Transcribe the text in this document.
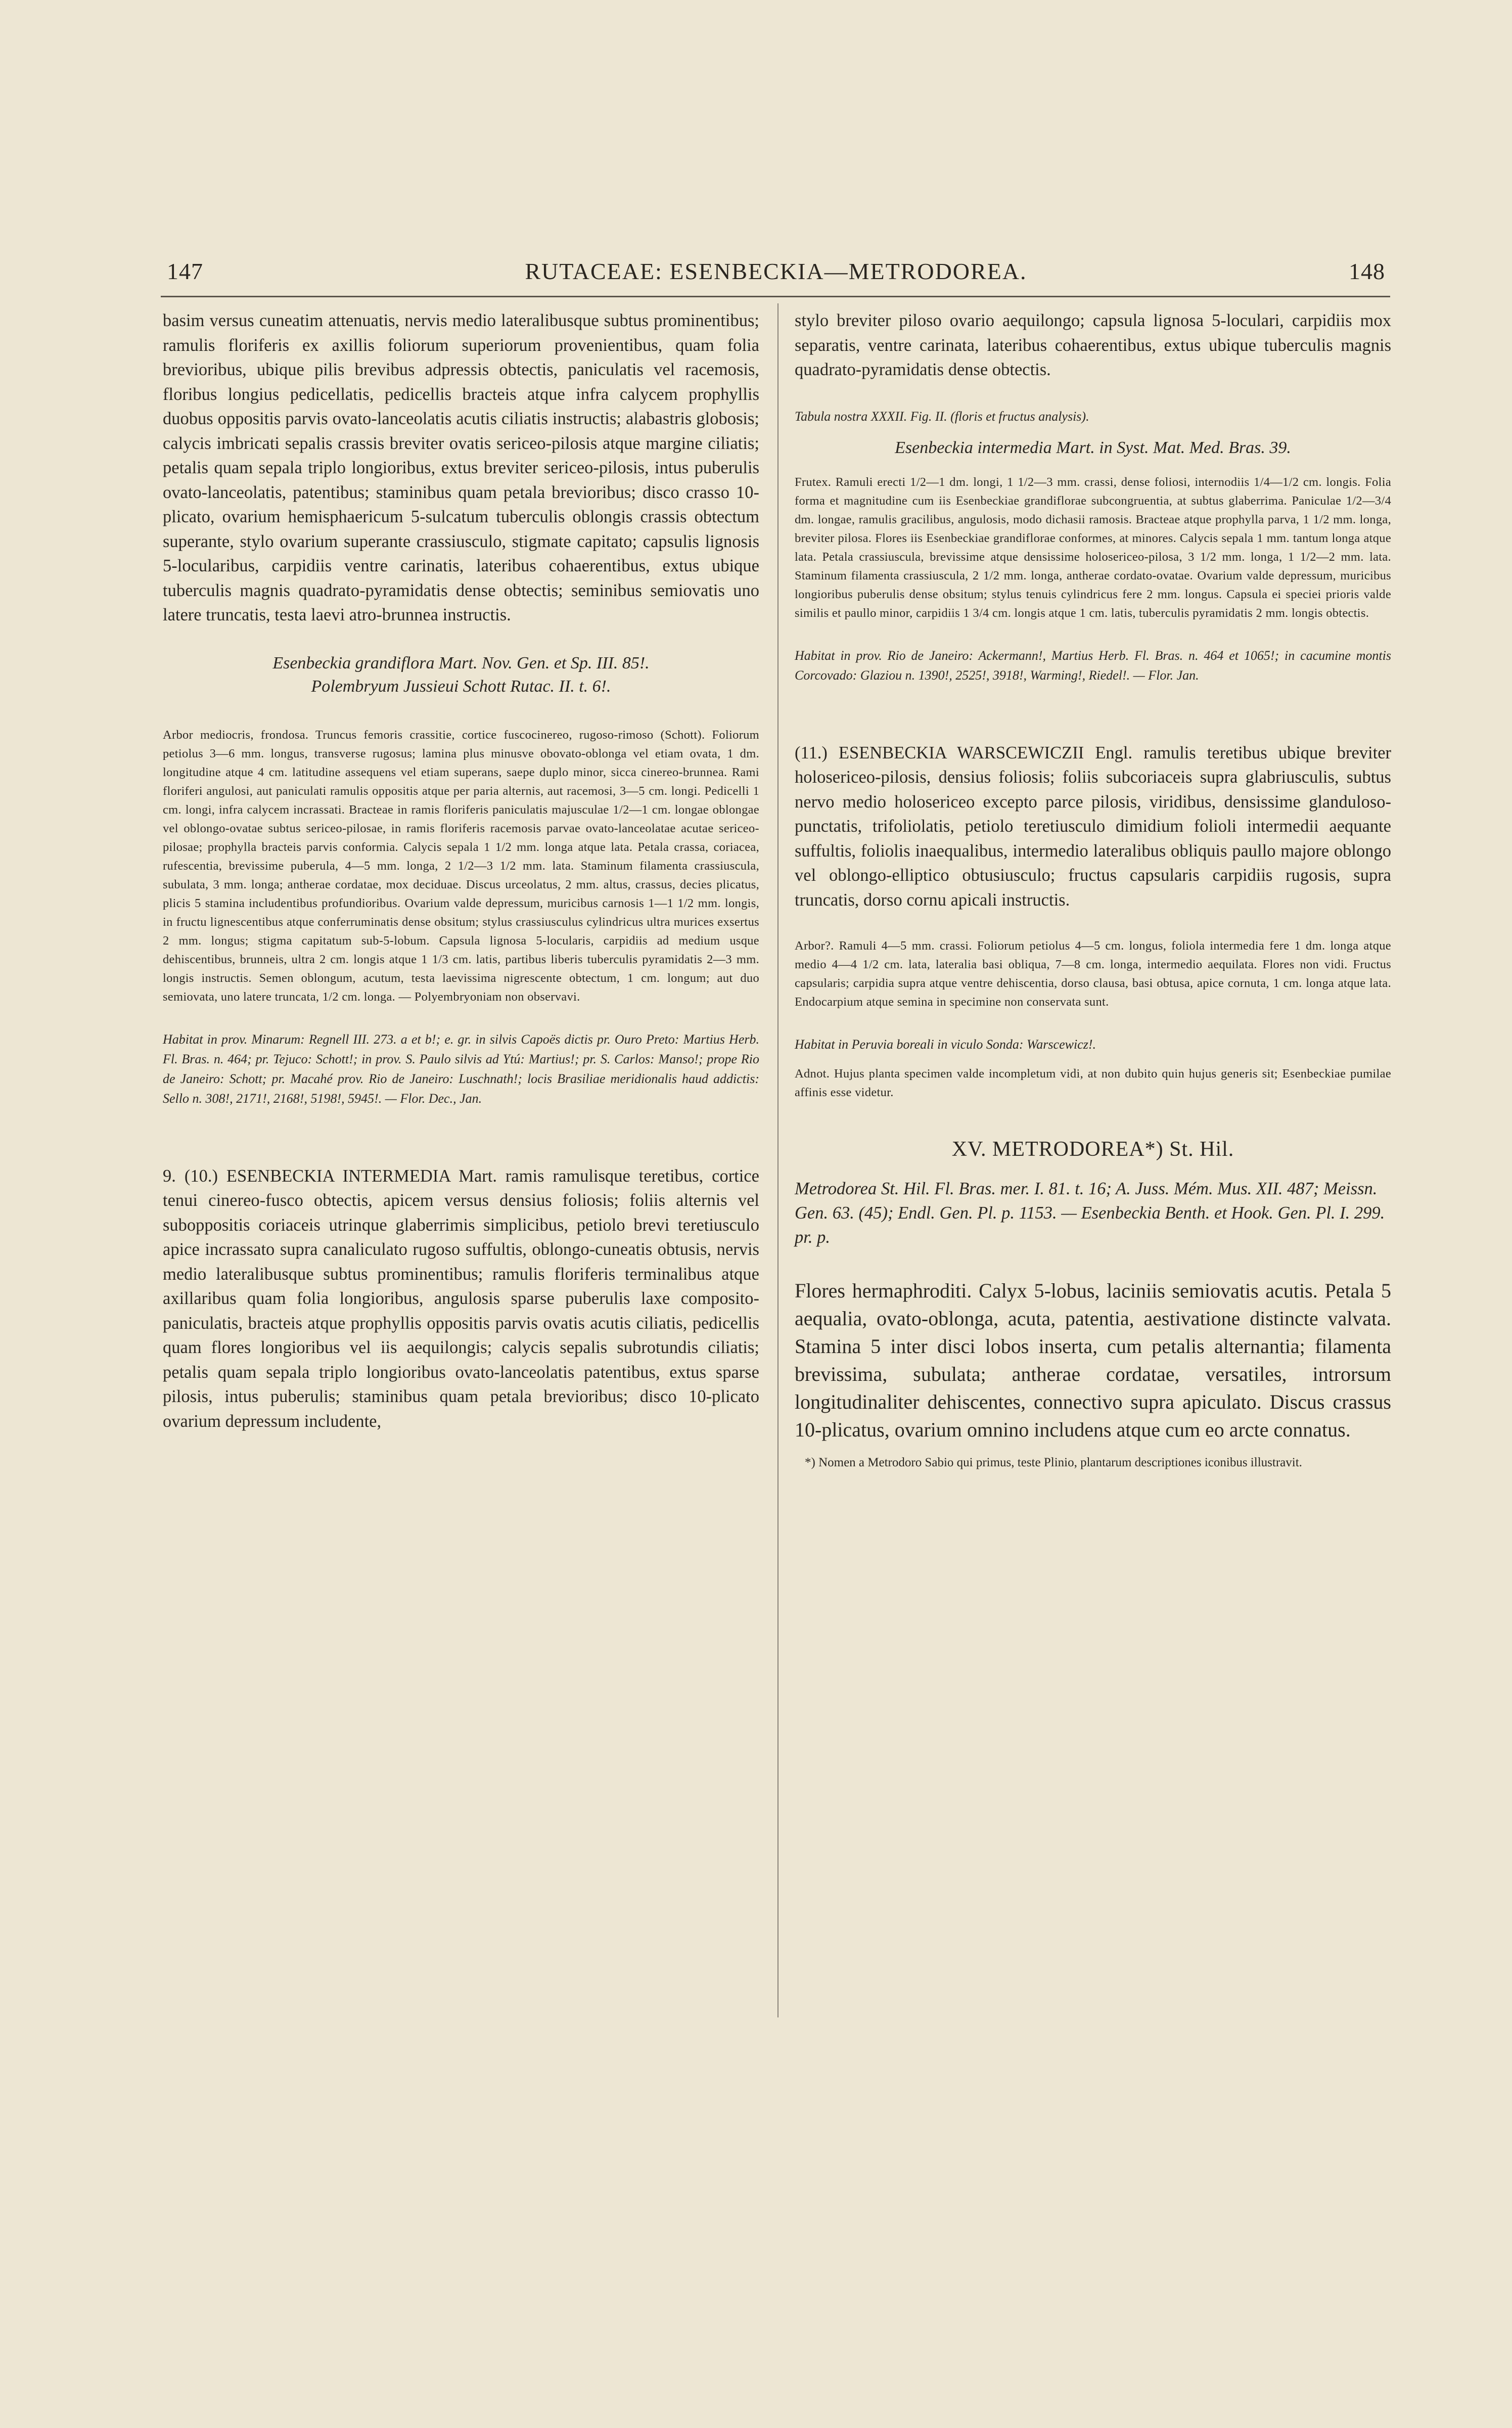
147	RUTACEAE: ESENBECKIA—METRODOREA.	148

basim versus cuneatim attenuatis, nervis medio lateralibusque subtus prominentibus; ramulis floriferis ex axillis foliorum superiorum provenientibus, quam folia brevioribus, ubique pilis brevibus adpressis obtectis, paniculatis vel racemosis, floribus longius pedicellatis, pedicellis bracteis atque infra calycem prophyllis duobus oppositis parvis ovato-lanceolatis acutis ciliatis instructis; alabastris globosis; calycis imbricati sepalis crassis breviter ovatis sericeo-pilosis atque margine ciliatis; petalis quam sepala triplo longioribus, extus breviter sericeo-pilosis, intus puberulis ovato-lanceolatis, patentibus; staminibus quam petala brevioribus; disco crasso 10-plicato, ovarium hemisphaericum 5-sulcatum tuberculis oblongis crassis obtectum superante, stylo ovarium superante crassiusculo, stigmate capitato; capsulis lignosis 5-locularibus, carpidiis ventre carinatis, lateribus cohaerentibus, extus ubique tuberculis magnis quadrato-pyramidatis dense obtectis; seminibus semiovatis uno latere truncatis, testa laevi atro-brunnea instructis.

Esenbeckia grandiflora Mart. Nov. Gen. et Sp. III. 85!.

Polembryum Jussieui Schott Rutac. II. t. 6!.

Arbor mediocris, frondosa. Truncus femoris crassitie, cortice fuscocinereo, rugoso-rimoso (Schott). Foliorum petiolus 3—6 mm. longus, transverse rugosus; lamina plus minusve obovato-oblonga vel etiam ovata, 1 dm. longitudine atque 4 cm. latitudine assequens vel etiam superans, saepe duplo minor, sicca cinereo-brunnea. Rami floriferi angulosi, aut paniculati ramulis oppositis atque per paria alternis, aut racemosi, 3—5 cm. longi. Pedicelli 1 cm. longi, infra calycem incrassati. Bracteae in ramis floriferis paniculatis majusculae 1/2—1 cm. longae oblongae vel oblongo-ovatae subtus sericeo-pilosae, in ramis floriferis racemosis parvae ovato-lanceolatae acutae sericeo-pilosae; prophylla bracteis parvis conformia. Calycis sepala 1 1/2 mm. longa atque lata. Petala crassa, coriacea, rufescentia, brevissime puberula, 4—5 mm. longa, 2 1/2—3 1/2 mm. lata. Staminum filamenta crassiuscula, subulata, 3 mm. longa; antherae cordatae, mox deciduae. Discus urceolatus, 2 mm. altus, crassus, decies plicatus, plicis 5 stamina includentibus profundioribus. Ovarium valde depressum, muricibus carnosis 1—1 1/2 mm. longis, in fructu lignescentibus atque conferruminatis dense obsitum; stylus crassiusculus cylindricus ultra murices exsertus 2 mm. longus; stigma capitatum sub-5-lobum. Capsula lignosa 5-locularis, carpidiis ad medium usque dehiscentibus, brunneis, ultra 2 cm. longis atque 1 1/3 cm. latis, partibus liberis tuberculis pyramidatis 2—3 mm. longis instructis. Semen oblongum, acutum, testa laevissima nigrescente obtectum, 1 cm. longum; aut duo semiovata, uno latere truncata, 1/2 cm. longa. — Polyembryoniam non observavi.

Habitat in prov. Minarum: Regnell III. 273. a et b!; e. gr. in silvis Capoës dictis pr. Ouro Preto: Martius Herb. Fl. Bras. n. 464; pr. Tejuco: Schott!; in prov. S. Paulo silvis ad Ytú: Martius!; pr. S. Carlos: Manso!; prope Rio de Janeiro: Schott; pr. Macahé prov. Rio de Janeiro: Luschnath!; locis Brasiliae meridionalis haud addictis: Sello n. 308!, 2171!, 2168!, 5198!, 5945!. — Flor. Dec., Jan.

9. (10.) ESENBECKIA INTERMEDIA Mart. ramis ramulisque teretibus, cortice tenui cinereo-fusco obtectis, apicem versus densius foliosis; foliis alternis vel suboppositis coriaceis utrinque glaberrimis simplicibus, petiolo brevi teretiusculo apice incrassato supra canaliculato rugoso suffultis, oblongo-cuneatis obtusis, nervis medio lateralibusque subtus prominentibus; ramulis floriferis terminalibus atque axillaribus quam folia longioribus, angulosis sparse puberulis laxe composito-paniculatis, bracteis atque prophyllis oppositis parvis ovatis acutis ciliatis, pedicellis quam flores longioribus vel iis aequilongis; calycis sepalis subrotundis ciliatis; petalis quam sepala triplo longioribus ovato-lanceolatis patentibus, extus sparse pilosis, intus puberulis; staminibus quam petala brevioribus; disco 10-plicato ovarium depressum includente,

stylo breviter piloso ovario aequilongo; capsula lignosa 5-loculari, carpidiis mox separatis, ventre carinata, lateribus cohaerentibus, extus ubique tuberculis magnis quadrato-pyramidatis dense obtectis.

Tabula nostra XXXII. Fig. II. (floris et fructus analysis).

Esenbeckia intermedia Mart. in Syst. Mat. Med. Bras. 39.

Frutex. Ramuli erecti 1/2—1 dm. longi, 1 1/2—3 mm. crassi, dense foliosi, internodiis 1/4—1/2 cm. longis. Folia forma et magnitudine cum iis Esenbeckiae grandiflorae subcongruentia, at subtus glaberrima. Paniculae 1/2—3/4 dm. longae, ramulis gracilibus, angulosis, modo dichasii ramosis. Bracteae atque prophylla parva, 1 1/2 mm. longa, breviter pilosa. Flores iis Esenbeckiae grandiflorae conformes, at minores. Calycis sepala 1 mm. tantum longa atque lata. Petala crassiuscula, brevissime atque densissime holosericeo-pilosa, 3 1/2 mm. longa, 1 1/2—2 mm. lata. Staminum filamenta crassiuscula, 2 1/2 mm. longa, antherae cordato-ovatae. Ovarium valde depressum, muricibus longioribus puberulis dense obsitum; stylus tenuis cylindricus fere 2 mm. longus. Capsula ei speciei prioris valde similis et paullo minor, carpidiis 1 3/4 cm. longis atque 1 cm. latis, tuberculis pyramidatis 2 mm. longis obtectis.

Habitat in prov. Rio de Janeiro: Ackermann!, Martius Herb. Fl. Bras. n. 464 et 1065!; in cacumine montis Corcovado: Glaziou n. 1390!, 2525!, 3918!, Warming!, Riedel!. — Flor. Jan.

(11.) ESENBECKIA WARSCEWICZII Engl. ramulis teretibus ubique breviter holosericeo-pilosis, densius foliosis; foliis subcoriaceis supra glabriusculis, subtus nervo medio holosericeo excepto parce pilosis, viridibus, densissime glanduloso-punctatis, trifoliolatis, petiolo teretiusculo dimidium folioli intermedii aequante suffultis, foliolis inaequalibus, intermedio lateralibus obliquis paullo majore oblongo vel oblongo-elliptico obtusiusculo; fructus capsularis carpidiis rugosis, supra truncatis, dorso cornu apicali instructis.

Arbor?. Ramuli 4—5 mm. crassi. Foliorum petiolus 4—5 cm. longus, foliola intermedia fere 1 dm. longa atque medio 4—4 1/2 cm. lata, lateralia basi obliqua, 7—8 cm. longa, intermedio aequilata. Flores non vidi. Fructus capsularis; carpidia supra atque ventre dehiscentia, dorso clausa, basi obtusa, apice cornuta, 1 cm. longa atque lata. Endocarpium atque semina in specimine non conservata sunt.

Habitat in Peruvia boreali in viculo Sonda: Warscewicz!.

Adnot. Hujus planta specimen valde incompletum vidi, at non dubito quin hujus generis sit; Esenbeckiae pumilae affinis esse videtur.

XV. METRODOREA*) St. Hil.

Metrodorea St. Hil. Fl. Bras. mer. I. 81. t. 16; A. Juss. Mém. Mus. XII. 487; Meissn. Gen. 63. (45); Endl. Gen. Pl. p. 1153. — Esenbeckia Benth. et Hook. Gen. Pl. I. 299. pr. p.

Flores hermaphroditi. Calyx 5-lobus, laciniis semiovatis acutis. Petala 5 aequalia, ovato-oblonga, acuta, patentia, aestivatione distincte valvata. Stamina 5 inter disci lobos inserta, cum petalis alternantia; filamenta brevissima, subulata; antherae cordatae, versatiles, introrsum longitudinaliter dehiscentes, connectivo supra apiculato. Discus crassus 10-plicatus, ovarium omnino includens atque cum eo arcte connatus.

*) Nomen a Metrodoro Sabio qui primus, teste Plinio, plantarum descriptiones iconibus illustravit.
